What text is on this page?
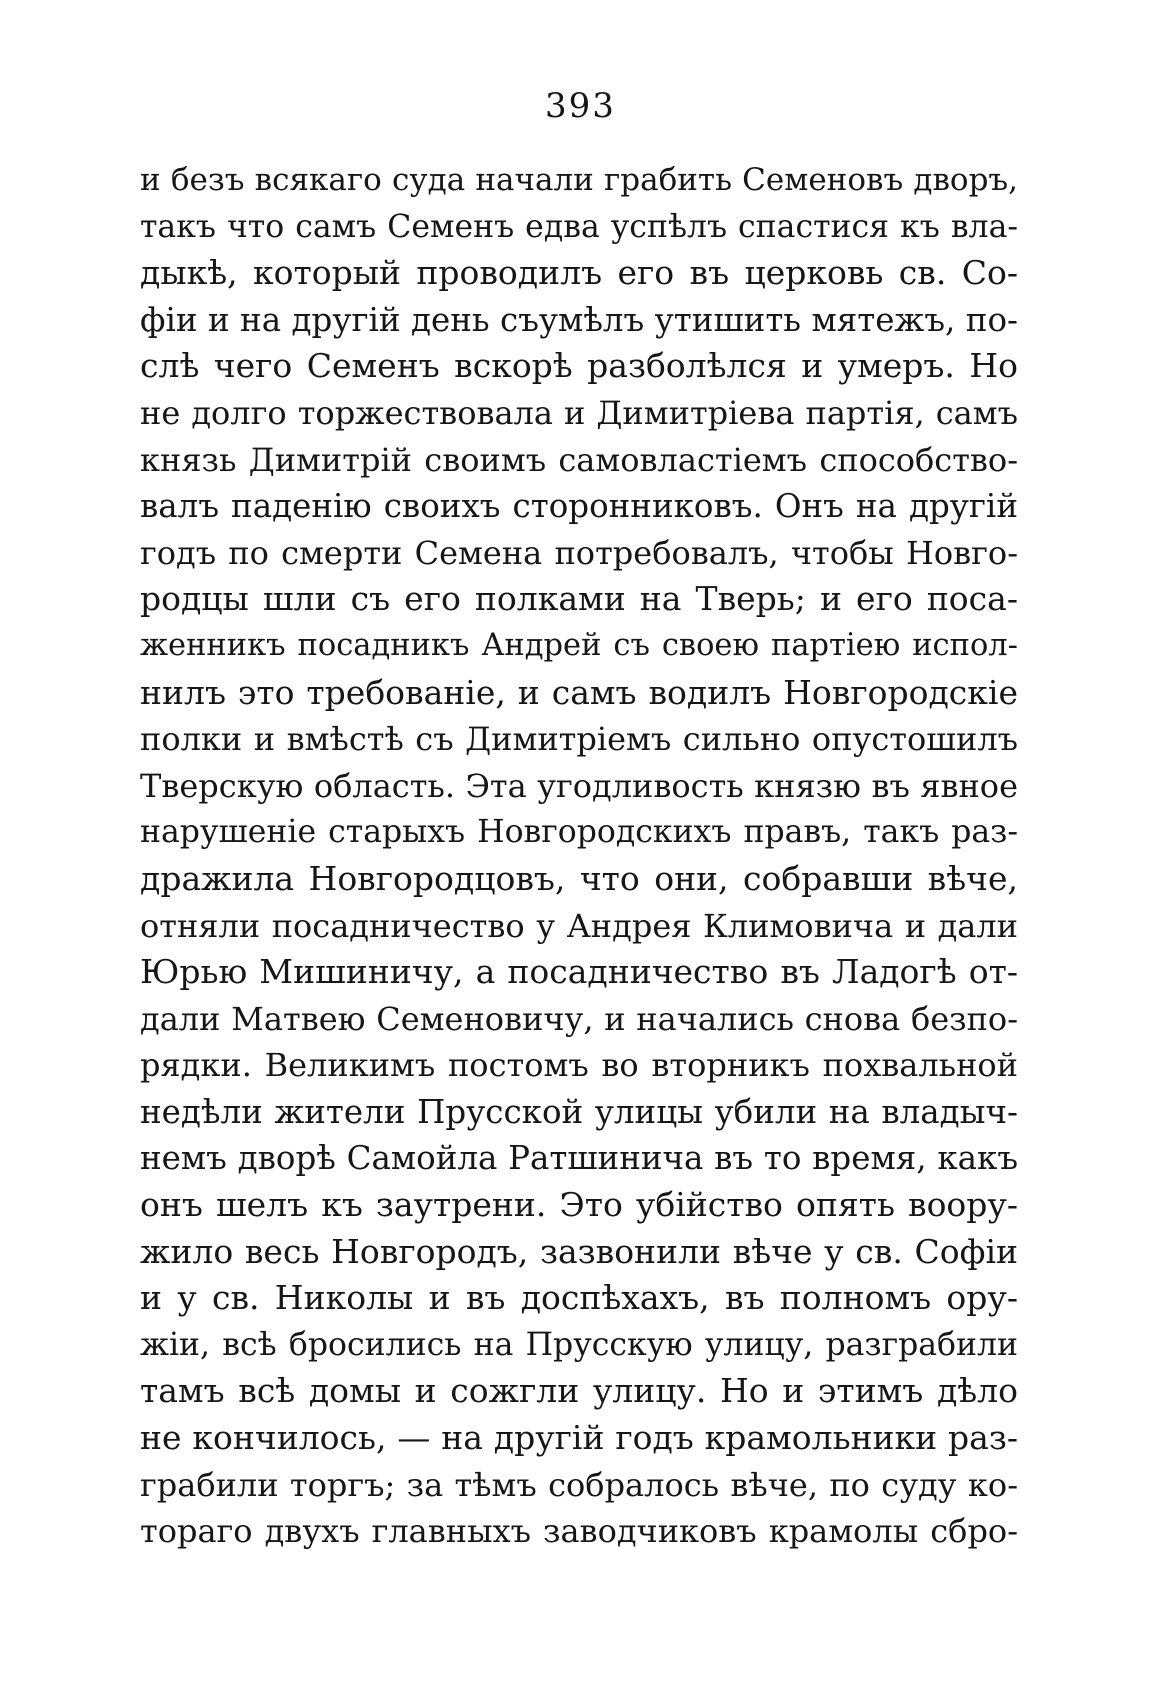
393
и безъ всякаго суда начали грабить Семеновъ дворъ,
такъ что самъ Семенъ едва успѣлъ спастися къ вла-
дыкѣ, который проводилъ его въ церковь св. Со-
фіи и на другій день съумѣлъ утишить мятежъ, по-
слѣ чего Семенъ вскорѣ разболѣлся и умеръ. Но
не долго торжествовала и Димитріева партія, самъ
князь Димитрій своимъ самовластіемъ способство-
валъ паденію своихъ сторонниковъ. Онъ на другій
годъ по смерти Семена потребовалъ, чтобы Новго-
родцы шли съ его полками на Тверь; и его поса-
женникъ посадникъ Андрей съ своею партіею испол-
нилъ это требованіе, и самъ водилъ Новгородскіе
полки и вмѣстѣ съ Димитріемъ сильно опустошилъ
Тверскую область. Эта угодливость князю въ явное
нарушеніе старыхъ Новгородскихъ правъ, такъ раз-
дражила Новгородцовъ, что они, собравши вѣче,
отняли посадничество у Андрея Климовича и дали
Юрью Мишиничу, а посадничество въ Ладогѣ от-
дали Матвею Семеновичу, и начались снова безпо-
рядки. Великимъ постомъ во вторникъ похвальной
недѣли жители Прусской улицы убили на владыч-
немъ дворѣ Самойла Ратшинича въ то время, какъ
онъ шелъ къ заутрени. Это убійство опять воору-
жило весь Новгородъ, зазвонили вѣче у св. Софіи
и у св. Николы и въ доспѣхахъ, въ полномъ ору-
жіи, всѣ бросились на Прусскую улицу, разграбили
тамъ всѣ домы и сожгли улицу. Но и этимъ дѣло
не кончилось, — на другій годъ крамольники раз-
грабили торгъ; за тѣмъ собралось вѣче, по суду ко-
тораго двухъ главныхъ заводчиковъ крамолы сбро-
